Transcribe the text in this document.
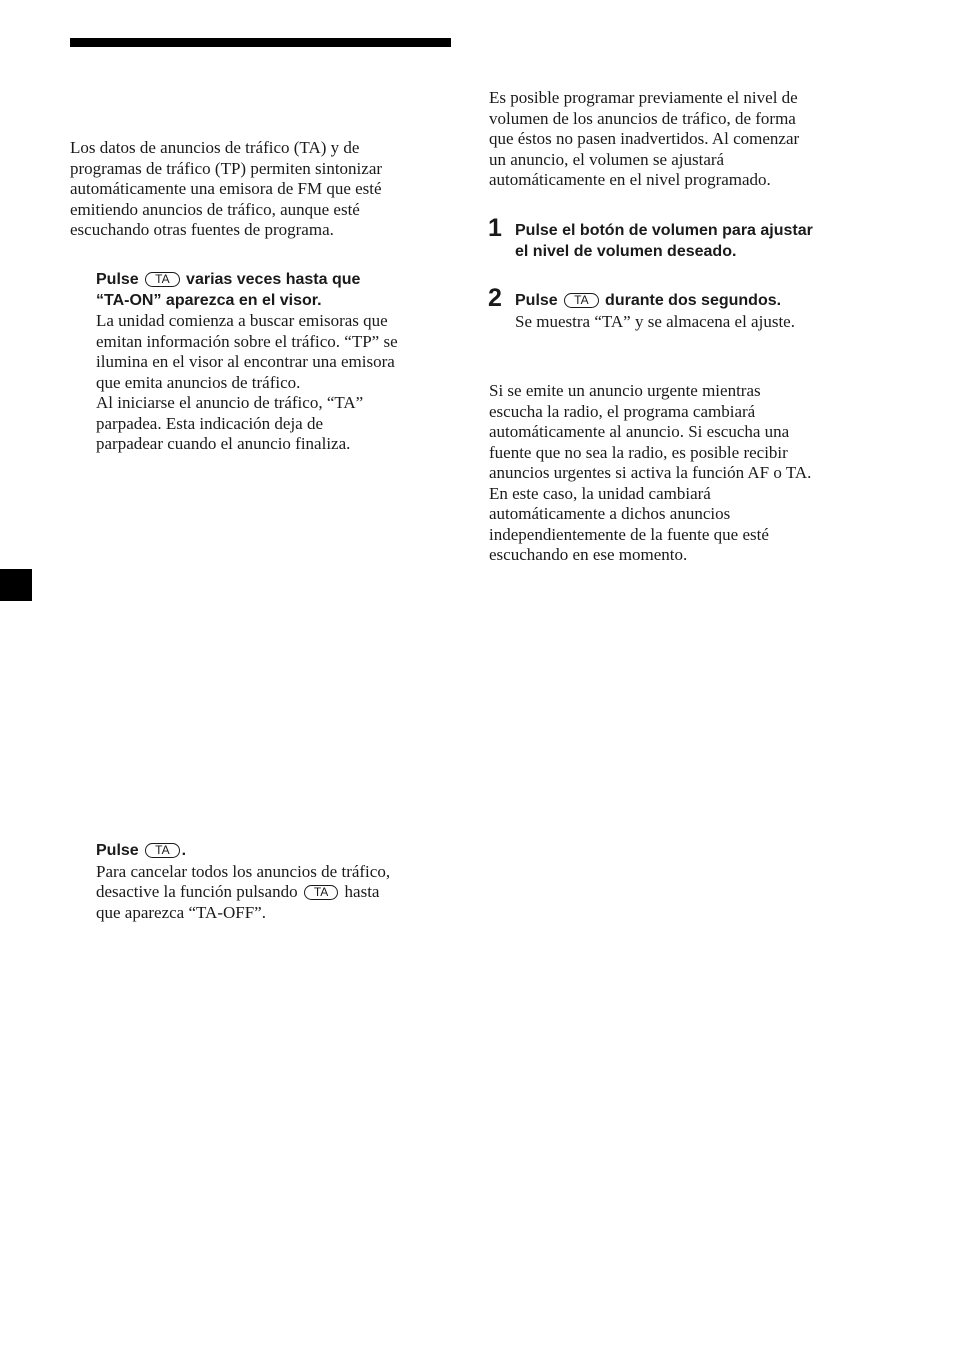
Los datos de anuncios de tráfico (TA) y de
programas de tráfico (TP) permiten sintonizar
automáticamente una emisora de FM que esté
emitiendo anuncios de tráfico, aunque esté
escuchando otras fuentes de programa.

Pulse TA varias veces hasta que
“TA-ON” aparezca en el visor.
La unidad comienza a buscar emisoras que
emitan información sobre el tráfico. “TP” se
ilumina en el visor al encontrar una emisora
que emita anuncios de tráfico.
Al iniciarse el anuncio de tráfico, “TA”
parpadea. Esta indicación deja de
parpadear cuando el anuncio finaliza.
Pulse TA .
Para cancelar todos los anuncios de tráfico,
desactive la función pulsando TA hasta
que aparezca “TA-OFF”.

Es posible programar previamente el nivel de
volumen de los anuncios de tráfico, de forma
que éstos no pasen inadvertidos. Al comenzar
un anuncio, el volumen se ajustará
automáticamente en el nivel programado.

1 Pulse el botón de volumen para ajustar
el nivel de volumen deseado.

2 Pulse TA durante dos segundos.
Se muestra “TA” y se almacena el ajuste.

Si se emite un anuncio urgente mientras
escucha la radio, el programa cambiará
automáticamente al anuncio. Si escucha una
fuente que no sea la radio, es posible recibir
anuncios urgentes si activa la función AF o TA.
En este caso, la unidad cambiará
automáticamente a dichos anuncios
independientemente de la fuente que esté
escuchando en ese momento.
